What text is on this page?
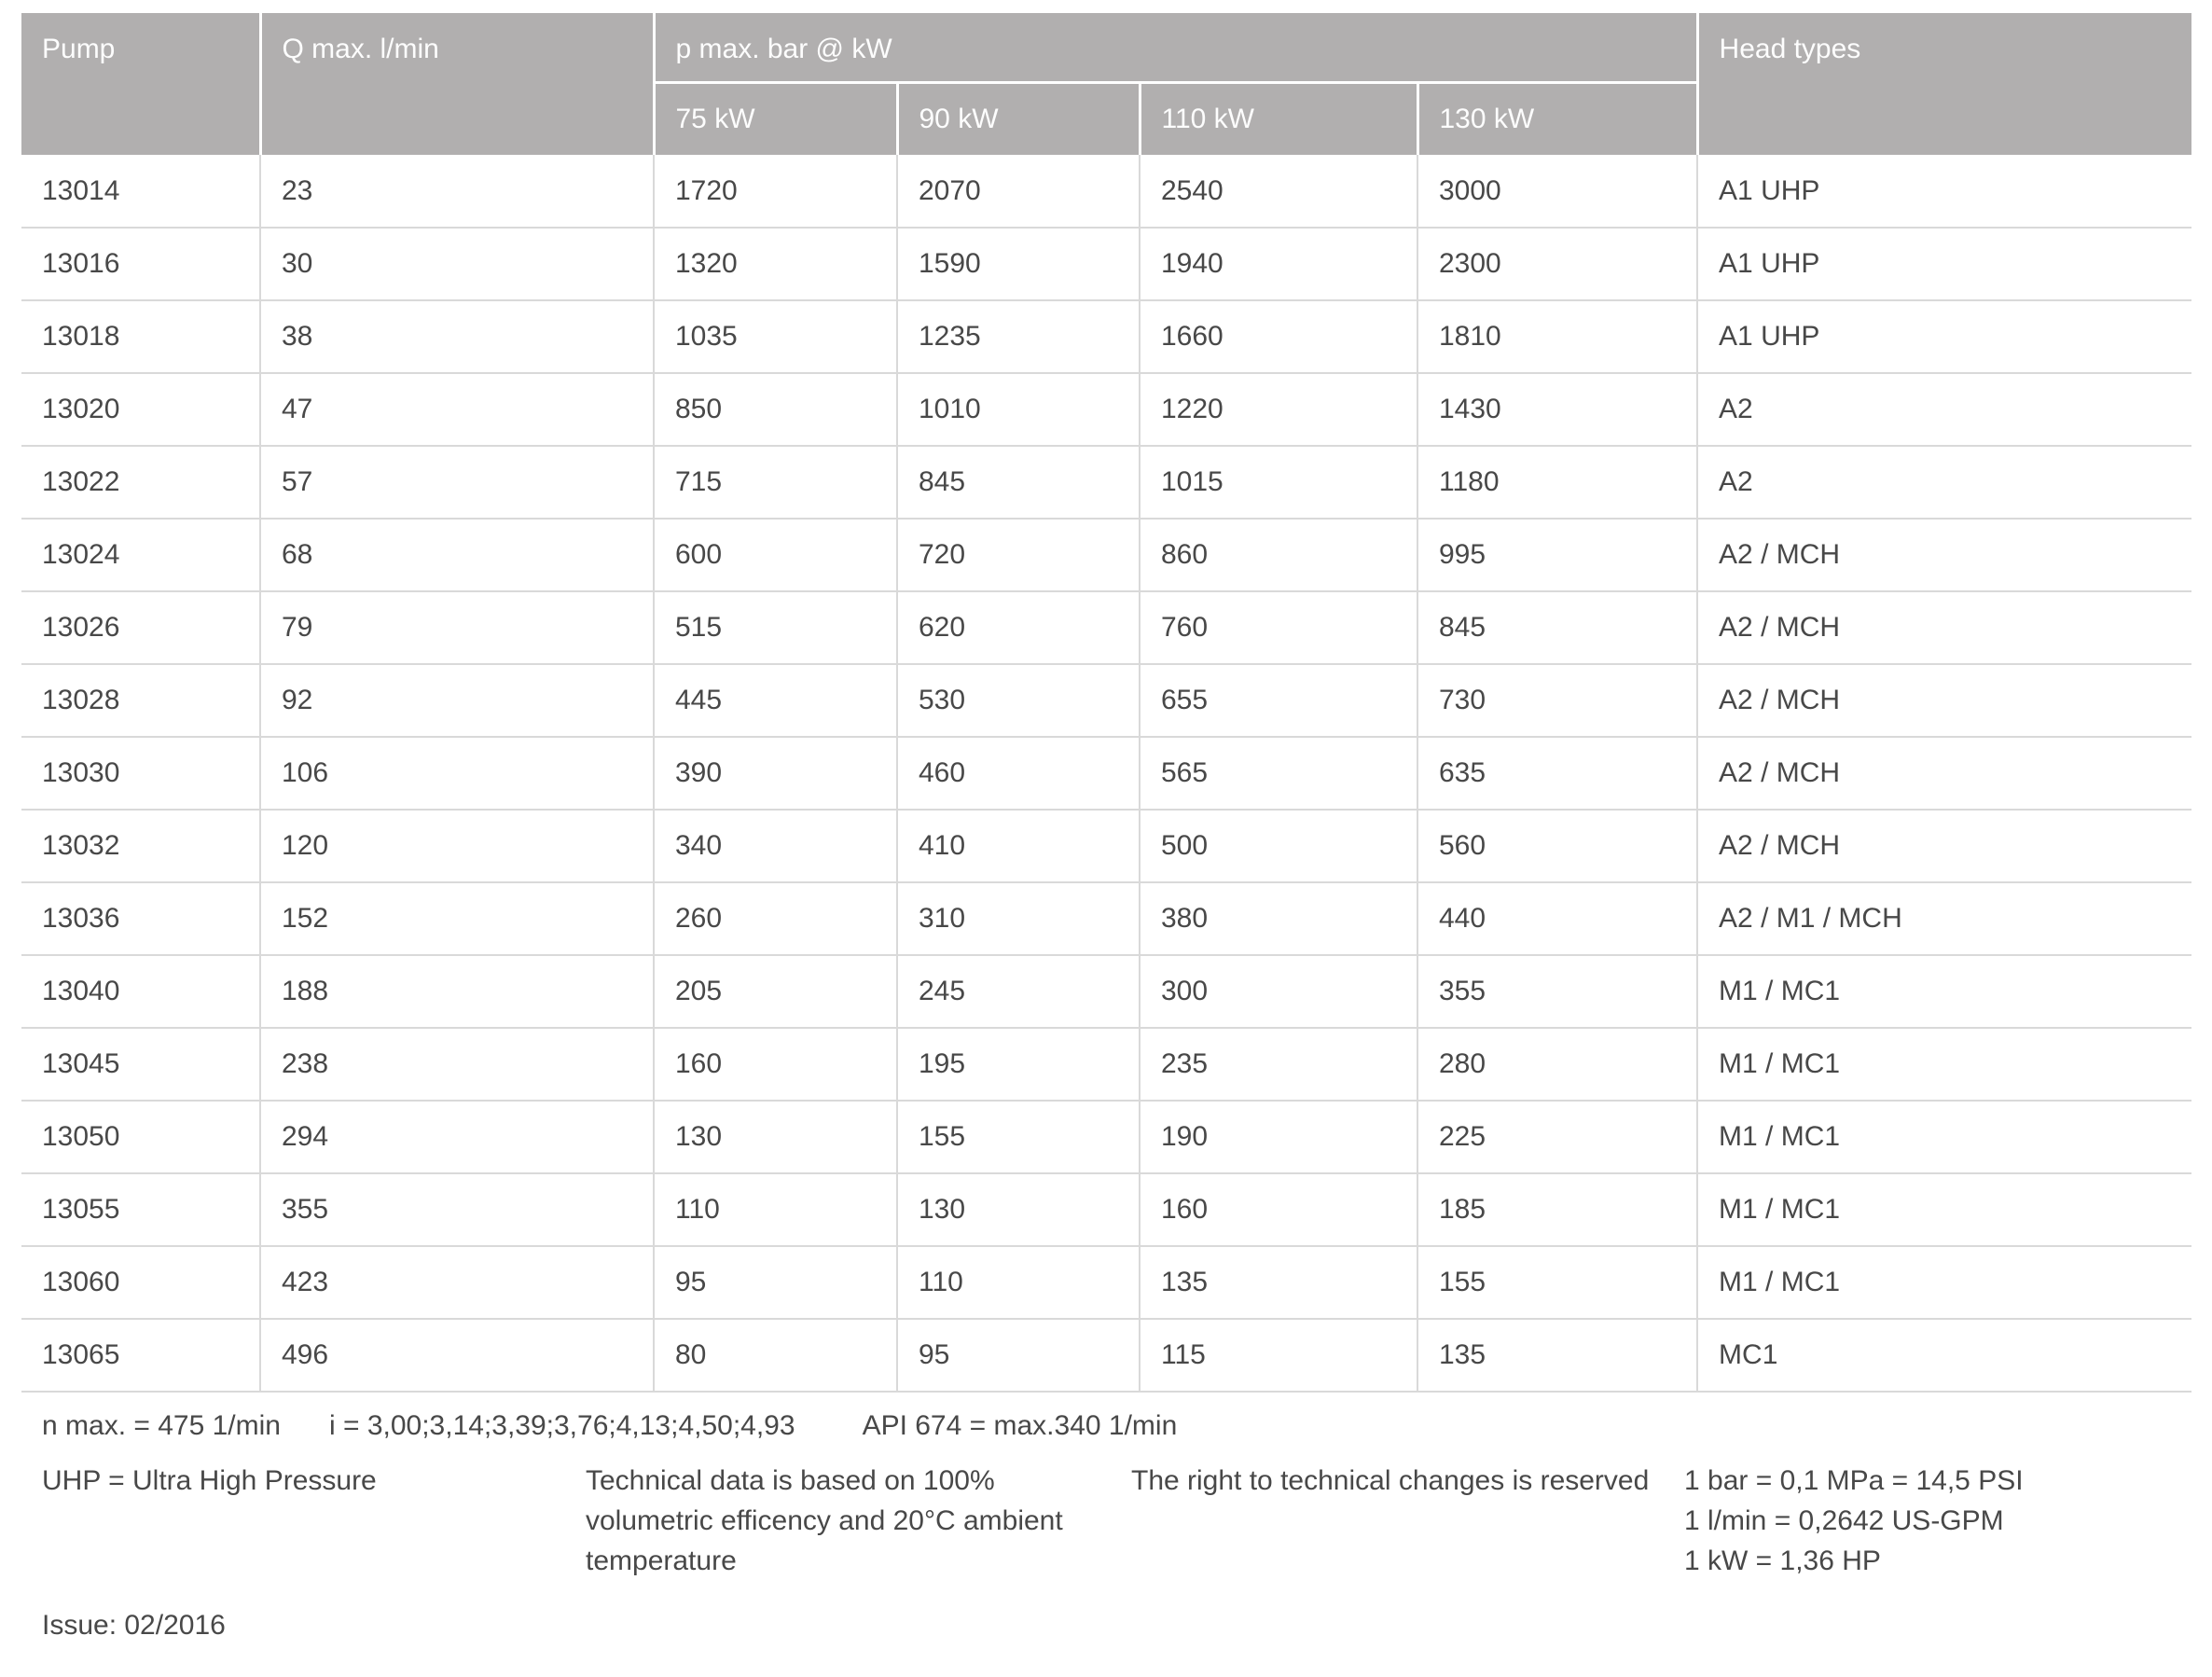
Pump	Q max. l/min	p max. bar @ kW				Head types
		75 kW	90 kW	110 kW	130 kW	
13014	23	1720	2070	2540	3000	A1 UHP
13016	30	1320	1590	1940	2300	A1 UHP
13018	38	1035	1235	1660	1810	A1 UHP
13020	47	850	1010	1220	1430	A2
13022	57	715	845	1015	1180	A2
13024	68	600	720	860	995	A2 / MCH
13026	79	515	620	760	845	A2 / MCH
13028	92	445	530	655	730	A2 / MCH
13030	106	390	460	565	635	A2 / MCH
13032	120	340	410	500	560	A2 / MCH
13036	152	260	310	380	440	A2 / M1 / MCH
13040	188	205	245	300	355	M1 / MC1
13045	238	160	195	235	280	M1 / MC1
13050	294	130	155	190	225	M1 / MC1
13055	355	110	130	160	185	M1 / MC1
13060	423	95	110	135	155	M1 / MC1
13065	496	80	95	115	135	MC1
n max. = 475 1/min i = 3,00;3,14;3,39;3,76;4,13;4,50;4,93 API 674 = max.340 1/min
UHP = Ultra High Pressure	Technical data is based on 100%
volumetric efficency and 20°C ambient
temperature
The right to technical changes is reserved 1 bar = 0,1 MPa = 14,5 PSI
1 l/min = 0,2642 US-GPM
1 kW = 1,36 HP
Issue: 02/2016
